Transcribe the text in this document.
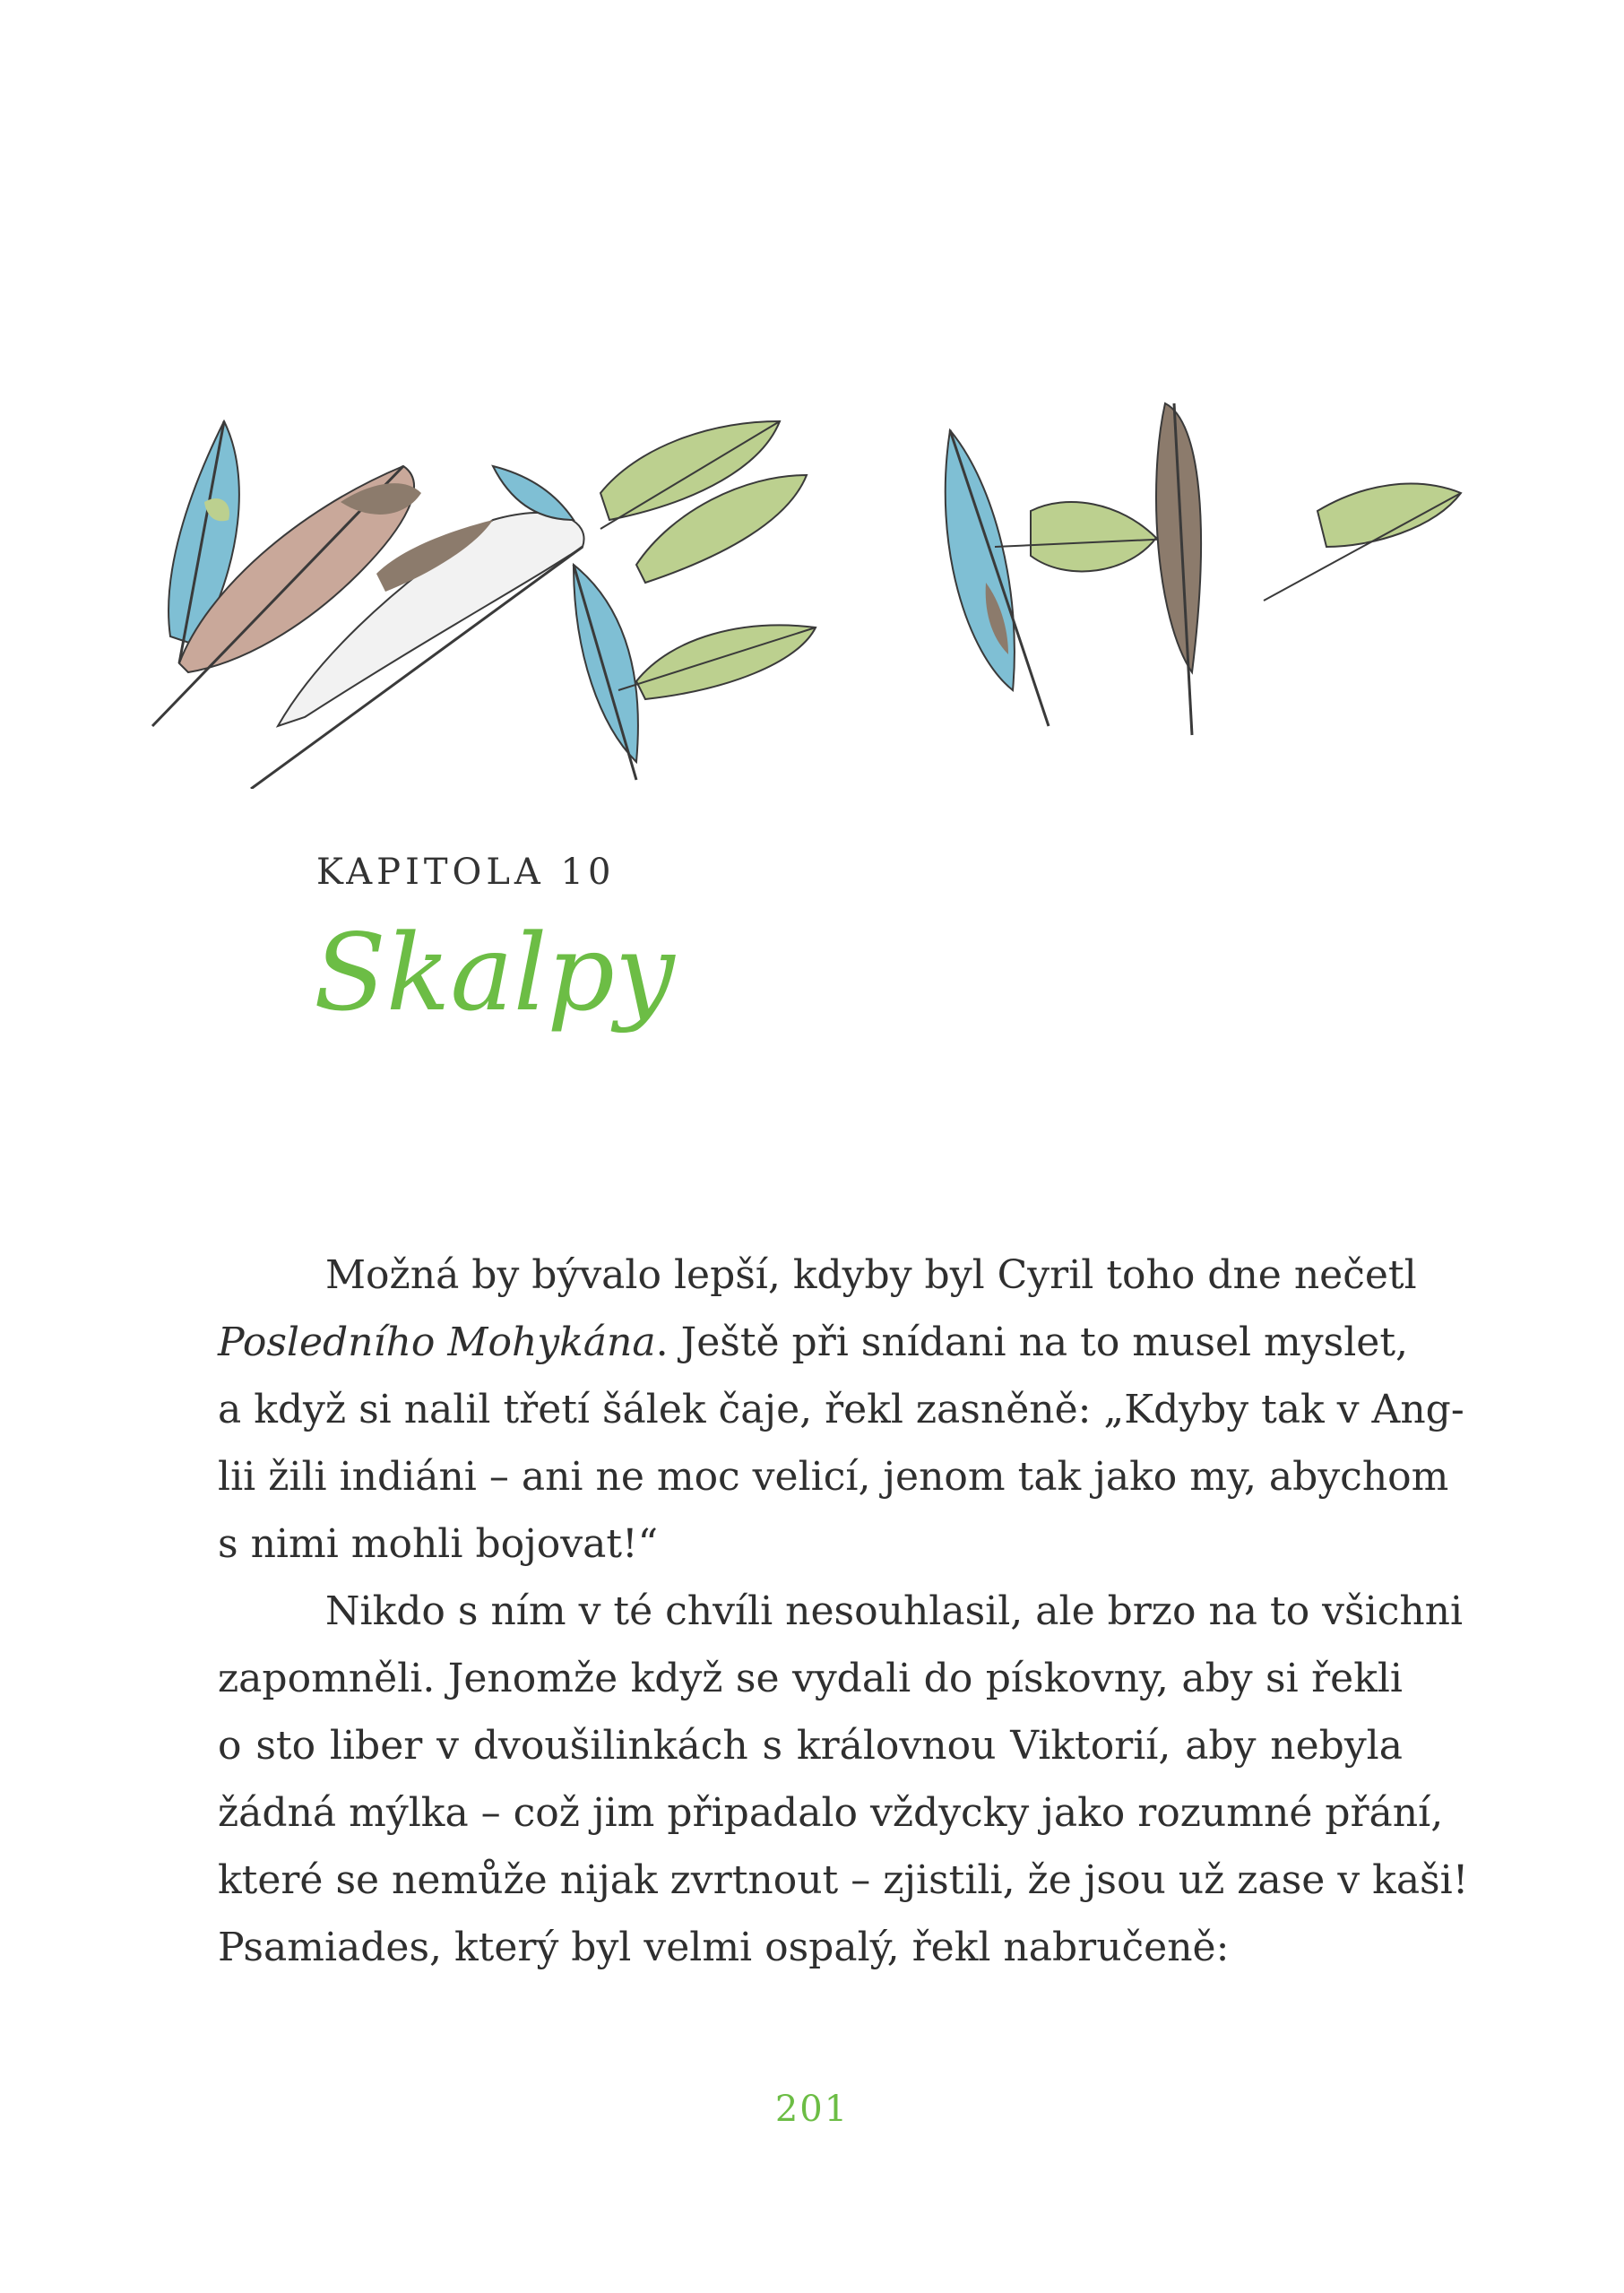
KAPITOLA 10
Skalpy
Možná by bývalo lepší, kdyby byl Cyril toho dne nečetl
Posledního Mohykána. Ještě při snídani na to musel myslet,
a když si nalil třetí šálek čaje, řekl zasněně: „Kdyby tak v Ang-
lii žili indiáni – ani ne moc velicí, jenom tak jako my, abychom
s nimi mohli bojovat!“
Nikdo s ním v té chvíli nesouhlasil, ale brzo na to všichni
zapomněli. Jenomže když se vydali do pískovny, aby si řekli
o sto liber v dvoušilinkách s královnou Viktorií, aby nebyla
žádná mýlka – což jim připadalo vždycky jako rozumné přání,
které se nemůže nijak zvrtnout – zjistili, že jsou už zase v kaši!
Psamiades, který byl velmi ospalý, řekl nabručeně:
201
